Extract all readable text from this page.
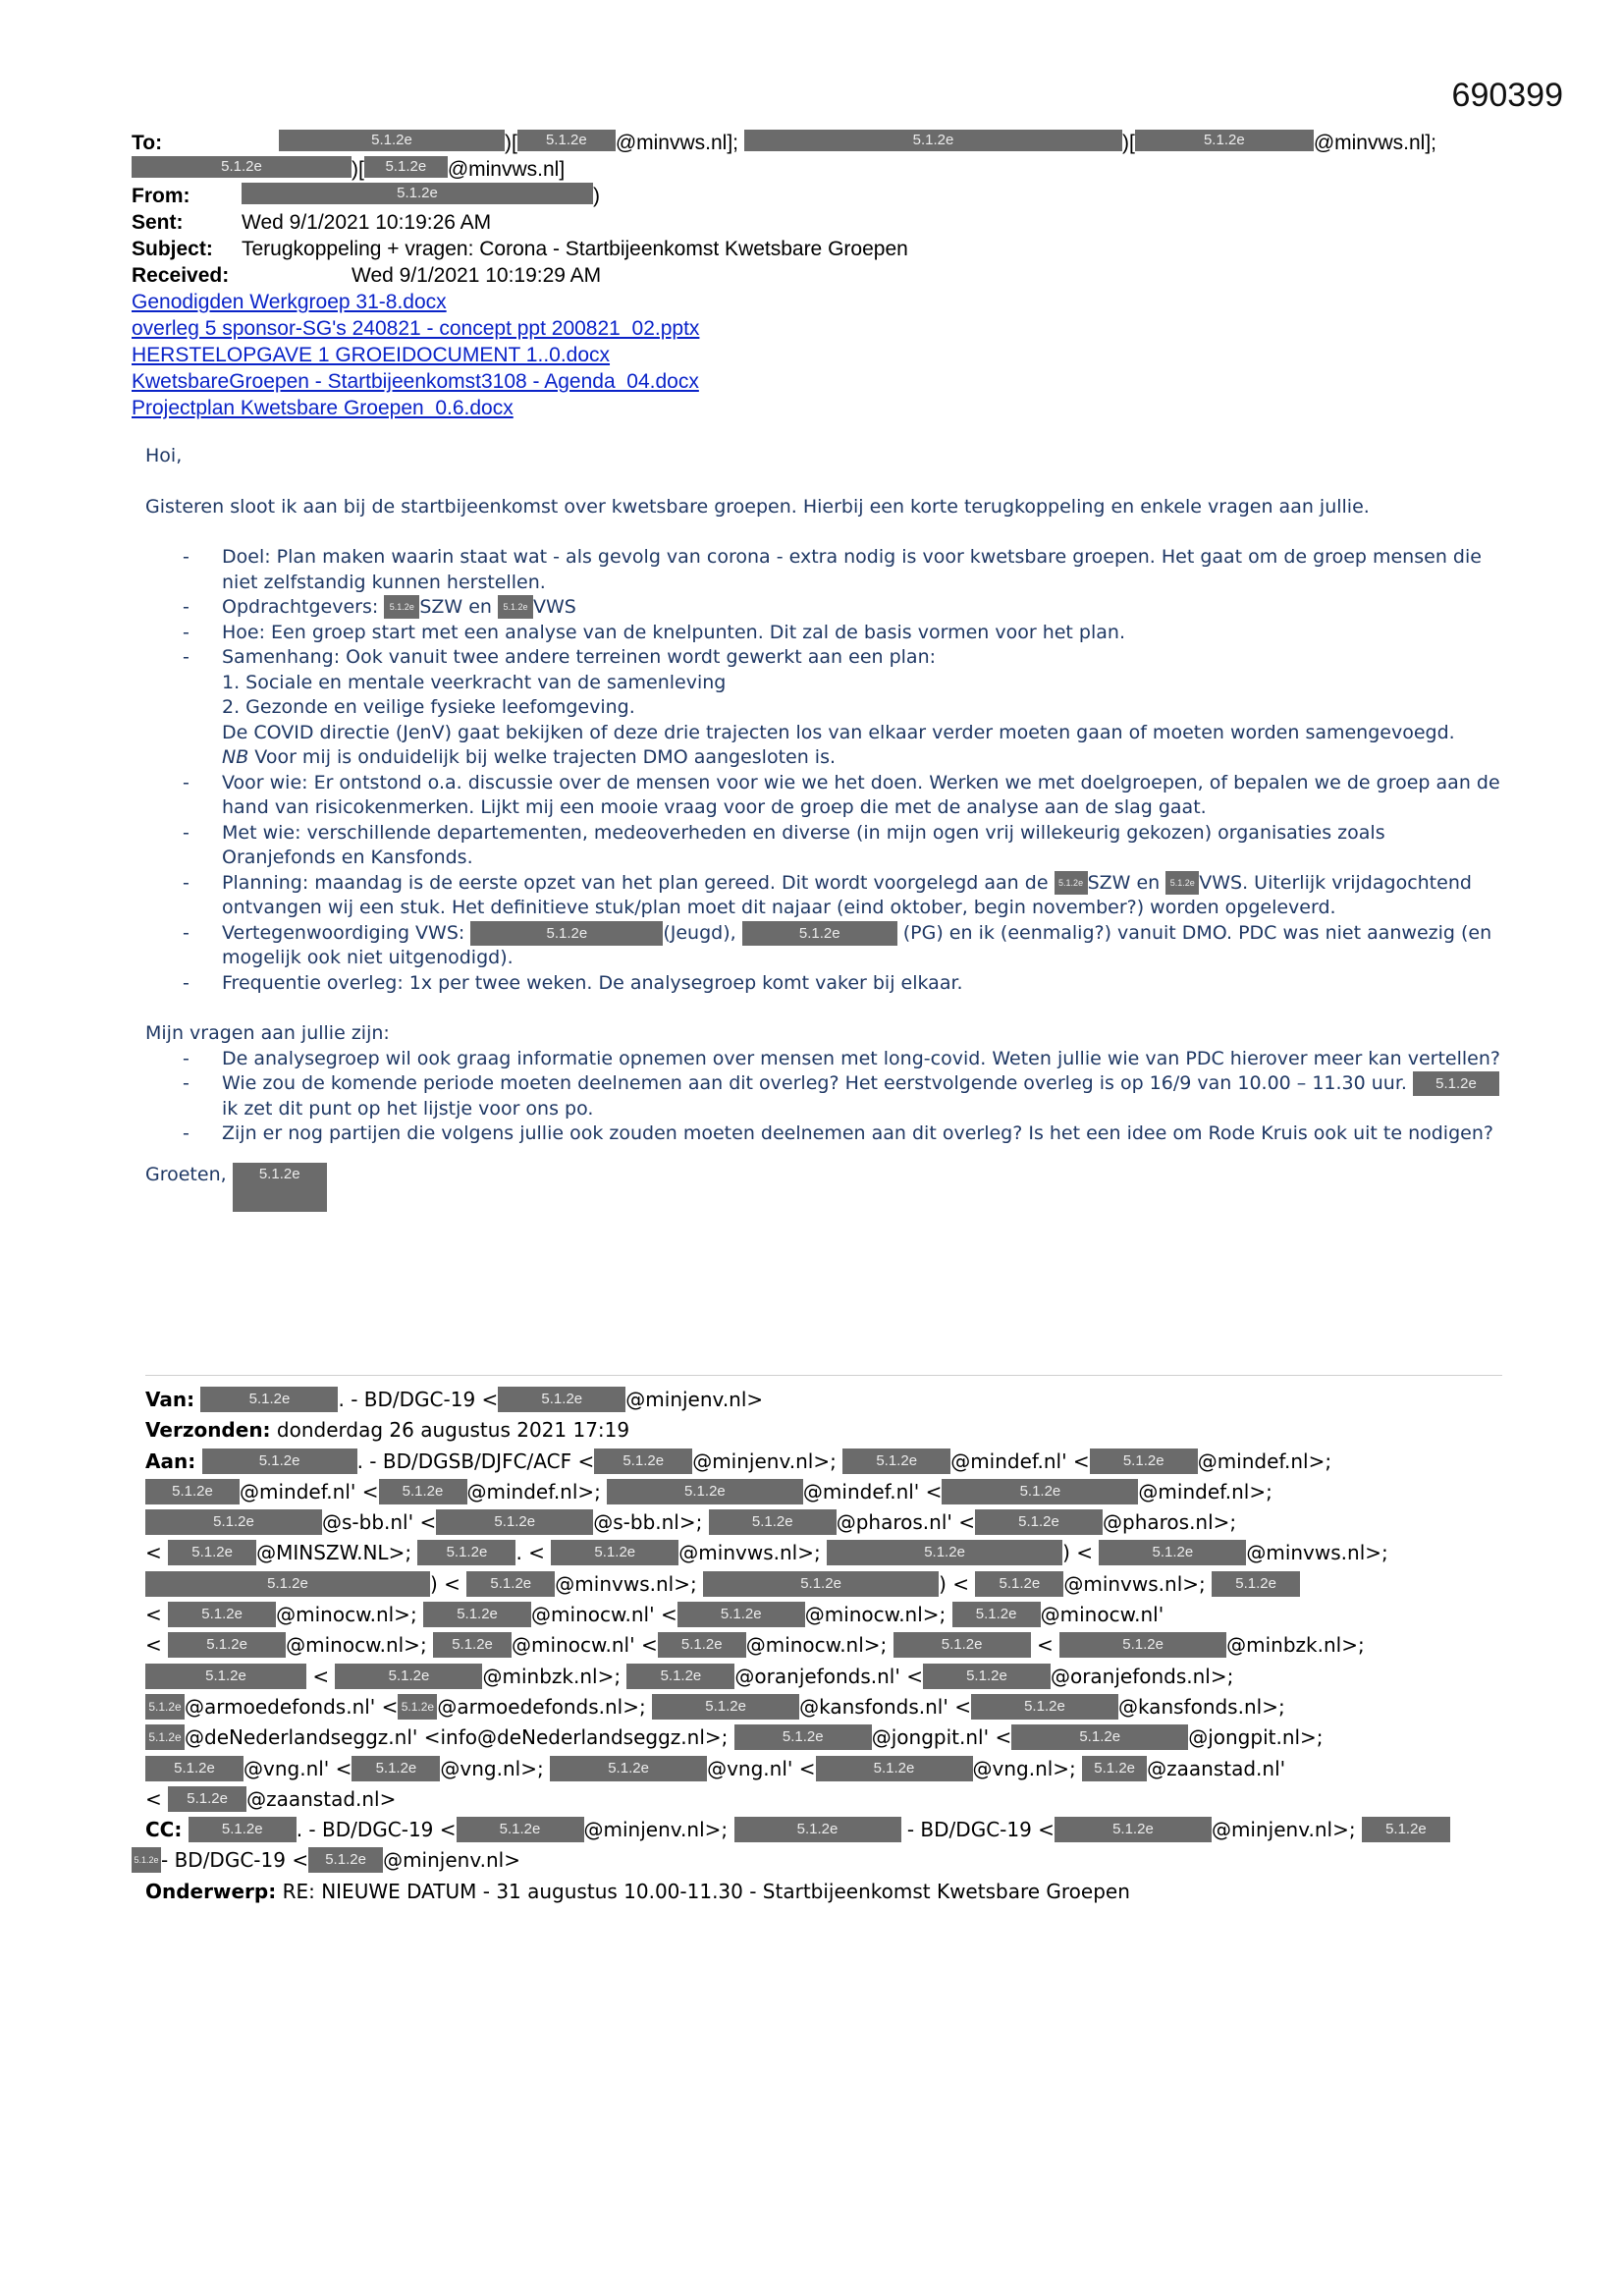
690399
To:	5.1.2e	)[ 5.1.2e @minvws.nl];	5.1.2e	)[	5.1.2e	@minvws.nl];
5.1.2e	)[ 5.1.2e @minvws.nl]
From:	5.1.2e	)
Sent:	Wed 9/1/2021 10:19:26 AM
Subject: Terugkoppeling + vragen: Corona - Startbijeenkomst Kwetsbare Groepen
Received:	Wed 9/1/2021 10:19:29 AM
Genodigden Werkgroep 31-8.docx
overleg 5 sponsor-SG's 240821 - concept ppt 200821_02.pptx
HERSTELOPGAVE 1 GROEIDOCUMENT 1..0.docx
KwetsbareGroepen - Startbijeenkomst3108 - Agenda_04.docx
Projectplan Kwetsbare Groepen_0.6.docx

Hoi,

Gisteren sloot ik aan bij de startbijeenkomst over kwetsbare groepen. Hierbij een korte terugkoppeling en enkele vragen aan jullie.

- Doel: Plan maken waarin staat wat - als gevolg van corona - extra nodig is voor kwetsbare groepen. Het gaat om de groep mensen die niet zelfstandig kunnen herstellen.
- Opdrachtgevers: 5.1.2e SZW en 5.1.2e VWS
- Hoe: Een groep start met een analyse van de knelpunten. Dit zal de basis vormen voor het plan.
- Samenhang: Ook vanuit twee andere terreinen wordt gewerkt aan een plan:
1. Sociale en mentale veerkracht van de samenleving
2. Gezonde en veilige fysieke leefomgeving.
De COVID directie (JenV) gaat bekijken of deze drie trajecten los van elkaar verder moeten gaan of moeten worden samengevoegd.
NB Voor mij is onduidelijk bij welke trajecten DMO aangesloten is.
- Voor wie: Er ontstond o.a. discussie over de mensen voor wie we het doen. Werken we met doelgroepen, of bepalen we de groep aan de hand van risicokenmerken. Lijkt mij een mooie vraag voor de groep die met de analyse aan de slag gaat.
- Met wie: verschillende departementen, medeoverheden en diverse (in mijn ogen vrij willekeurig gekozen) organisaties zoals Oranjefonds en Kansfonds.
- Planning: maandag is de eerste opzet van het plan gereed. Dit wordt voorgelegd aan de 5.1.2e SZW en 5.1.2e VWS. Uiterlijk vrijdagochtend ontvangen wij een stuk. Het definitieve stuk/plan moet dit najaar (eind oktober, begin november?) worden opgeleverd.
- Vertegenwoordiging VWS:	5.1.2e	(Jeugd),	5.1.2e	(PG) en ik (eenmalig?) vanuit DMO. PDC was niet aanwezig (en mogelijk ook niet uitgenodigd).
- Frequentie overleg: 1x per twee weken. De analysegroep komt vaker bij elkaar.

Mijn vragen aan jullie zijn:

- De analysegroep wil ook graag informatie opnemen over mensen met long-covid. Weten jullie wie van PDC hierover meer kan vertellen?
- Wie zou de komende periode moeten deelnemen aan dit overleg? Het eerstvolgende overleg is op 16/9 van 10.00 – 11.30 uur. 5.1.2e ik zet dit punt op het lijstje voor ons po.
- Zijn er nog partijen die volgens jullie ook zouden moeten deelnemen aan dit overleg? Is het een idee om Rode Kruis ook uit te nodigen?

Groeten, 5.1.2e

Van:	5.1.2e . - BD/DGC-19 <	5.1.2e @minjenv.nl>
Verzonden: donderdag 26 augustus 2021 17:19
Aan:	5.1.2e	. - BD/DGSB/DJFC/ACF < 5.1.2e @minjenv.nl>;	5.1.2e @mindef.nl' < 5.1.2e @mindef.nl>;
5.1.2e @mindef.nl' < 5.1.2e @mindef.nl>;	5.1.2e	@mindef.nl' <	5.1.2e	@mindef.nl>;
5.1.2e	@s-bb.nl' <	5.1.2e	@s-bb.nl>;	5.1.2e @pharos.nl' <	5.1.2e @pharos.nl>;
< 5.1.2e @MINSZW.NL>; 5.1.2e . <	5.1.2e @minvws.nl>;	5.1.2e	) <	5.1.2e	@minvws.nl>;
5.1.2e	) < 5.1.2e @minvws.nl>;	5.1.2e	) < 5.1.2e @minvws.nl>; 5.1.2e
< 5.1.2e @minocw.nl>;	5.1.2e @minocw.nl' <	5.1.2e @minocw.nl>; 5.1.2e @minocw.nl'
<	5.1.2e @minocw.nl>; 5.1.2e @minocw.nl' < 5.1.2e @minocw.nl>;	5.1.2e <	5.1.2e	@minbzk.nl>;
5.1.2e	<	5.1.2e	@minbzk.nl>;	5.1.2e @oranjefonds.nl' <	5.1.2e @oranjefonds.nl>;
5.1.2e @armoedefonds.nl' < 5.1.2e @armoedefonds.nl>;	5.1.2e	@kansfonds.nl' <	5.1.2e	@kansfonds.nl>;
5.1.2e @deNederlandseggz.nl' <info@deNederlandseggz.nl>;	5.1.2e @jongpit.nl' <	5.1.2e	@jongpit.nl>;
5.1.2e @vng.nl' < 5.1.2e @vng.nl>;	5.1.2e	@vng.nl' <	5.1.2e	@vng.nl>; 5.1.2e @zaanstad.nl'
< 5.1.2e @zaanstad.nl>
CC:	5.1.2e . - BD/DGC-19 <	5.1.2e @minjenv.nl>;	5.1.2e	- BD/DGC-19 <	5.1.2e	@minjenv.nl>; 5.1.2e
5.1.2e - BD/DGC-19 < 5.1.2e @minjenv.nl>
Onderwerp: RE: NIEUWE DATUM - 31 augustus 10.00-11.30 - Startbijeenkomst Kwetsbare Groepen
